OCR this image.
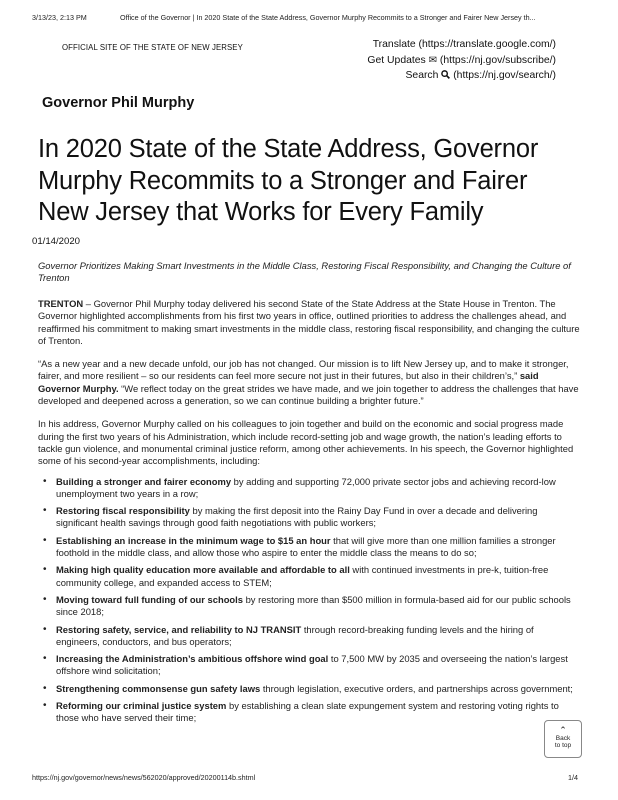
3/13/23, 2:13 PM	Office of the Governor | In 2020 State of the State Address, Governor Murphy Recommits to a Stronger and Fairer New Jersey th...
OFFICIAL SITE OF THE STATE OF NEW JERSEY	Translate (https://translate.google.com/)
Get Updates ✉ (https://nj.gov/subscribe/)
Search (https://nj.gov/search/)
Governor Phil Murphy
In 2020 State of the State Address, Governor Murphy Recommits to a Stronger and Fairer New Jersey that Works for Every Family
01/14/2020
Governor Prioritizes Making Smart Investments in the Middle Class, Restoring Fiscal Responsibility, and Changing the Culture of Trenton

TRENTON – Governor Phil Murphy today delivered his second State of the State Address at the State House in Trenton. The Governor highlighted accomplishments from his first two years in office, outlined priorities to address the challenges ahead, and reaffirmed his commitment to making smart investments in the middle class, restoring fiscal responsibility, and changing the culture of Trenton.

“As a new year and a new decade unfold, our job has not changed. Our mission is to lift New Jersey up, and to make it stronger, fairer, and more resilient – so our residents can feel more secure not just in their futures, but also in their children’s,” said Governor Murphy. “We reflect today on the great strides we have made, and we join together to address the challenges that have developed and deepened across a generation, so we can continue building a brighter future.”

In his address, Governor Murphy called on his colleagues to join together and build on the economic and social progress made during the first two years of his Administration, which include record-setting job and wage growth, the nation’s leading efforts to tackle gun violence, and monumental criminal justice reform, among other achievements. In his speech, the Governor highlighted some of his second-year accomplishments, including:

• Building a stronger and fairer economy by adding and supporting 72,000 private sector jobs and achieving record-low unemployment two years in a row;
• Restoring fiscal responsibility by making the first deposit into the Rainy Day Fund in over a decade and delivering significant health savings through good faith negotiations with public workers;
• Establishing an increase in the minimum wage to $15 an hour that will give more than one million families a stronger foothold in the middle class, and allow those who aspire to enter the middle class the means to do so;
• Making high quality education more available and affordable to all with continued investments in pre-k, tuition-free community college, and expanded access to STEM;
• Moving toward full funding of our schools by restoring more than $500 million in formula-based aid for our public schools since 2018;
• Restoring safety, service, and reliability to NJ TRANSIT through record-breaking funding levels and the hiring of engineers, conductors, and bus operators;
• Increasing the Administration’s ambitious offshore wind goal to 7,500 MW by 2035 and overseeing the nation’s largest offshore wind solicitation;
• Strengthening commonsense gun safety laws through legislation, executive orders, and partnerships across government;
• Reforming our criminal justice system by establishing a clean slate expungement system and restoring voting rights to those who have served their time;
⌃
Back
to top
https://nj.gov/governor/news/news/562020/approved/20200114b.shtml	1/4
